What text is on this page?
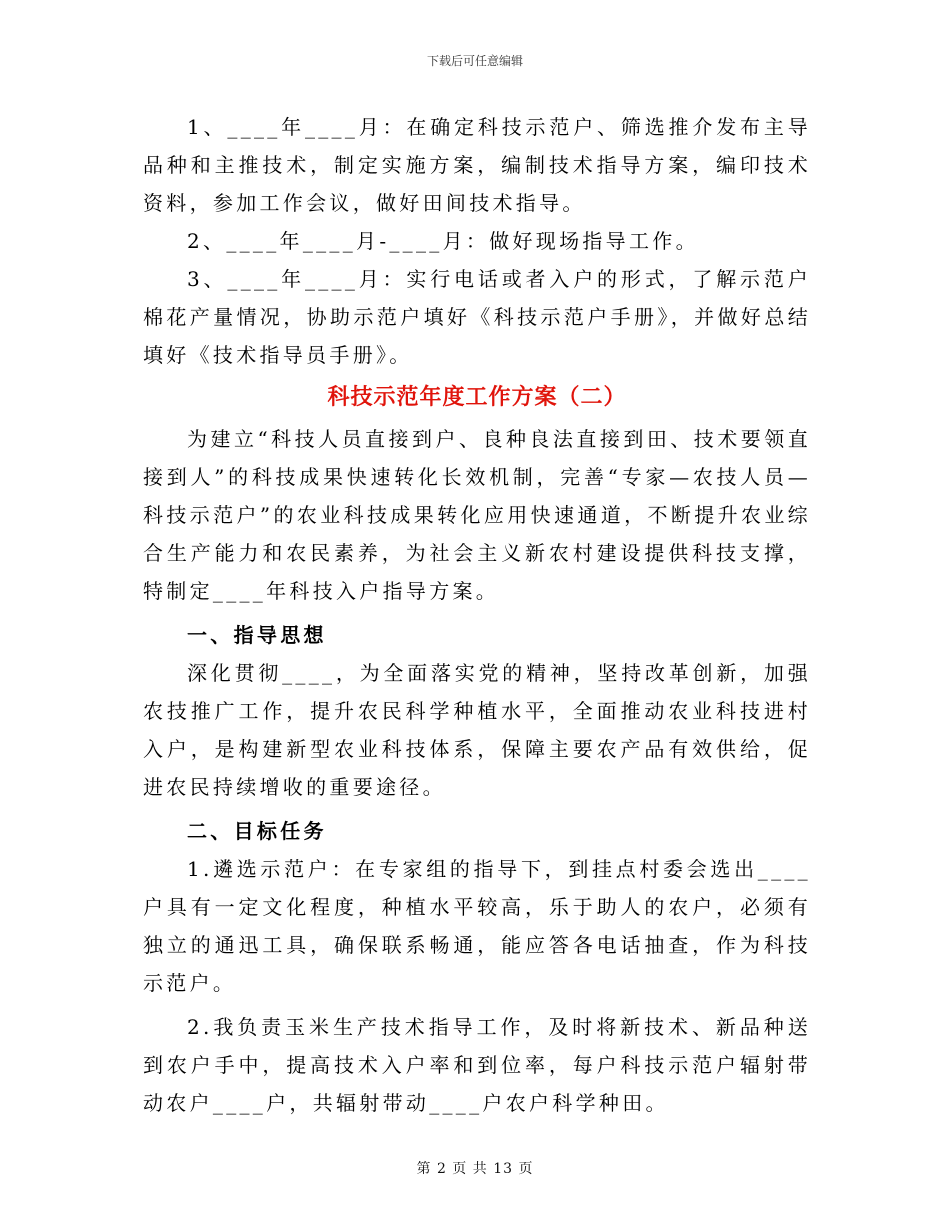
下载后可任意编辑

1、____年____月：在确定科技示范户、筛选推介发布主导品种和主推技术，制定实施方案，编制技术指导方案，编印技术资料，参加工作会议，做好田间技术指导。

2、____年____月-____月：做好现场指导工作。

3、____年____月：实行电话或者入户的形式，了解示范户棉花产量情况，协助示范户填好《科技示范户手册》，并做好总结填好《技术指导员手册》。

科技示范年度工作方案（二）

为建立“科技人员直接到户、良种良法直接到田、技术要领直接到人”的科技成果快速转化长效机制，完善“专家—农技人员—科技示范户”的农业科技成果转化应用快速通道，不断提升农业综合生产能力和农民素养，为社会主义新农村建设提供科技支撑，特制定____年科技入户指导方案。

一、指导思想

深化贯彻____，为全面落实党的精神，坚持改革创新，加强农技推广工作，提升农民科学种植水平，全面推动农业科技进村入户，是构建新型农业科技体系，保障主要农产品有效供给，促进农民持续增收的重要途径。

二、目标任务

1.遴选示范户：在专家组的指导下，到挂点村委会选出____户具有一定文化程度，种植水平较高，乐于助人的农户，必须有独立的通迅工具，确保联系畅通，能应答各电话抽查，作为科技示范户。

2.我负责玉米生产技术指导工作，及时将新技术、新品种送到农户手中，提高技术入户率和到位率，每户科技示范户辐射带动农户____户，共辐射带动____户农户科学种田。

第 2 页 共 13 页
